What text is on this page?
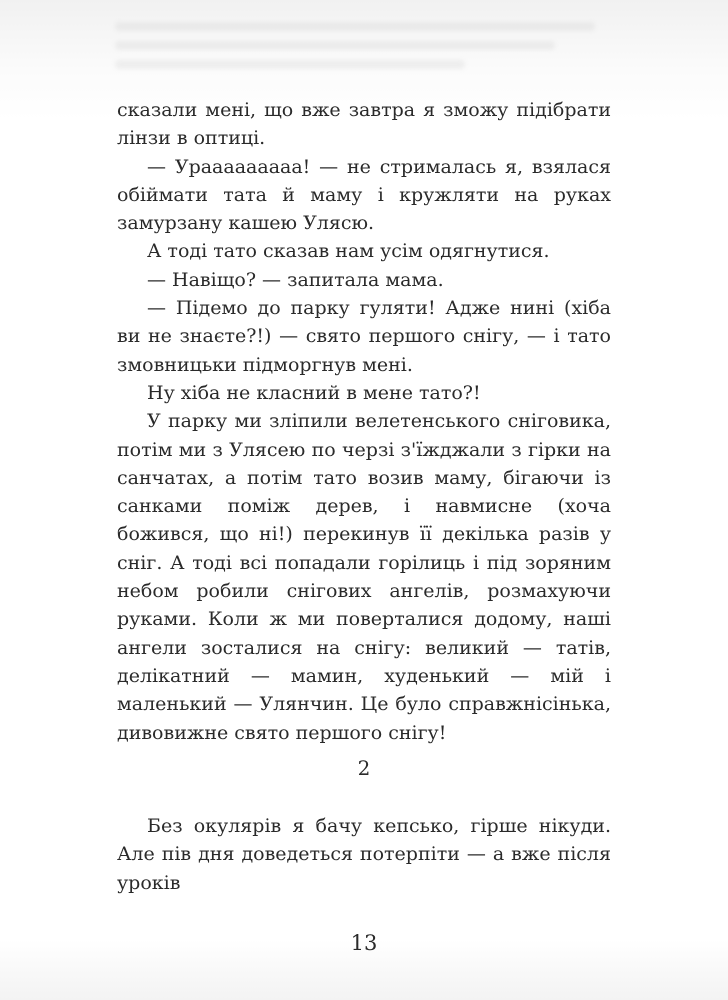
сказали мені, що вже завтра я зможу підібрати лінзи в оптиці.

— Урааааааааа! — не стрималась я, взялася обіймати тата й маму і кружляти на руках замурзану кашею Улясю.

А тоді тато сказав нам усім одягнутися.

— Навіщо? — запитала мама.

— Підемо до парку гуляти! Адже нині (хіба ви не знаєте?!) — свято першого снігу, — і тато змовницьки підморгнув мені.

Ну хіба не класний в мене тато?!

У парку ми зліпили велетенського сніговика, потім ми з Улясею по черзі з'їжджали з гірки на санчатах, а потім тато возив маму, бігаючи із санками поміж дерев, і навмисне (хоча божився, що ні!) перекинув її декілька разів у сніг. А тоді всі попадали горілиць і під зоряним небом робили снігових ангелів, розмахуючи руками. Коли ж ми поверталися додому, наші ангели зосталися на снігу: великий — татів, делікатний — мамин, худенький — мій і маленький — Улянчин. Це було справжнісінька, дивовижне свято першого снігу!

2

Без окулярів я бачу кепсько, гірше нікуди. Але пів дня доведеться потерпіти — а вже після уроків

13
